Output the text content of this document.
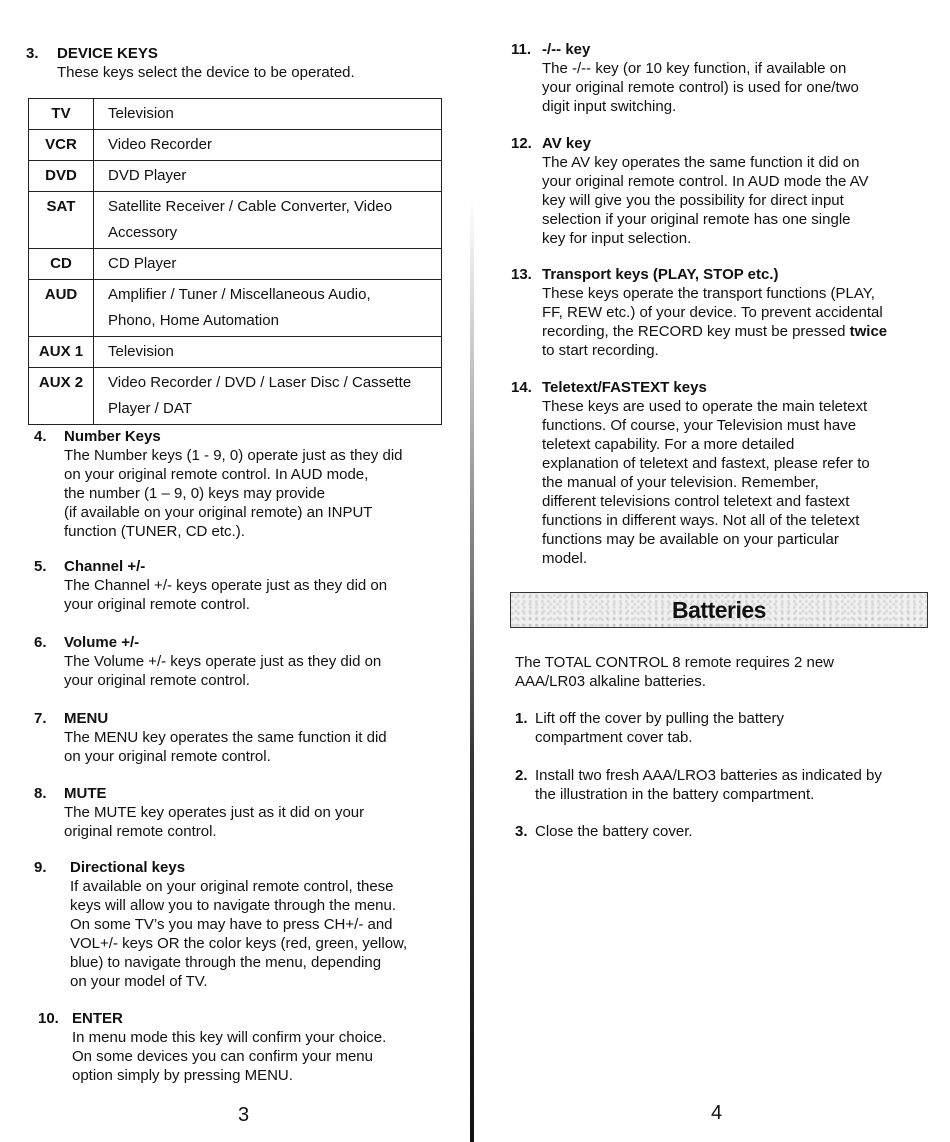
3. DEVICE KEYS
These keys select the device to be operated.
TV	Television
VCR	Video Recorder
DVD	DVD Player
SAT	Satellite Receiver / Cable Converter, Video
Accessory
CD	CD Player
AUD	Amplifier / Tuner / Miscellaneous Audio,
Phono, Home Automation
AUX 1	Television
AUX 2	Video Recorder / DVD / Laser Disc / Cassette
Player / DAT
4. Number Keys
The Number keys (1 - 9, 0) operate just as they did
on your original remote control. In AUD mode,
the number (1 – 9, 0) keys may provide
(if available on your original remote) an INPUT
function (TUNER, CD etc.).
5. Channel +/-
The Channel +/- keys operate just as they did on
your original remote control.
6. Volume +/-
The Volume +/- keys operate just as they did on
your original remote control.
7. MENU
The MENU key operates the same function it did
on your original remote control.
8. MUTE
The MUTE key operates just as it did on your
original remote control.
9. Directional keys
If available on your original remote control, these
keys will allow you to navigate through the menu.
On some TV’s you may have to press CH+/- and
VOL+/- keys OR the color keys (red, green, yellow,
blue) to navigate through the menu, depending
on your model of TV.
10. ENTER
In menu mode this key will confirm your choice.
On some devices you can confirm your menu
option simply by pressing MENU.
3
11. -/-- key
The -/-- key (or 10 key function, if available on
your original remote control) is used for one/two
digit input switching.
12. AV key
The AV key operates the same function it did on
your original remote control. In AUD mode the AV
key will give you the possibility for direct input
selection if your original remote has one single
key for input selection.
13. Transport keys (PLAY, STOP etc.)
These keys operate the transport functions (PLAY,
FF, REW etc.) of your device. To prevent accidental
recording, the RECORD key must be pressed twice
to start recording.
14. Teletext/FASTEXT keys
These keys are used to operate the main teletext
functions. Of course, your Television must have
teletext capability. For a more detailed
explanation of teletext and fastext, please refer to
the manual of your television. Remember,
different televisions control teletext and fastext
functions in different ways. Not all of the teletext
functions may be available on your particular
model.
The TOTAL CONTROL 8 remote requires 2 new
AAA/LR03 alkaline batteries.
1. Lift off the cover by pulling the battery
compartment cover tab.
2. Install two fresh AAA/LRO3 batteries as indicated by
the illustration in the battery compartment.
3. Close the battery cover.
4
Batteries
